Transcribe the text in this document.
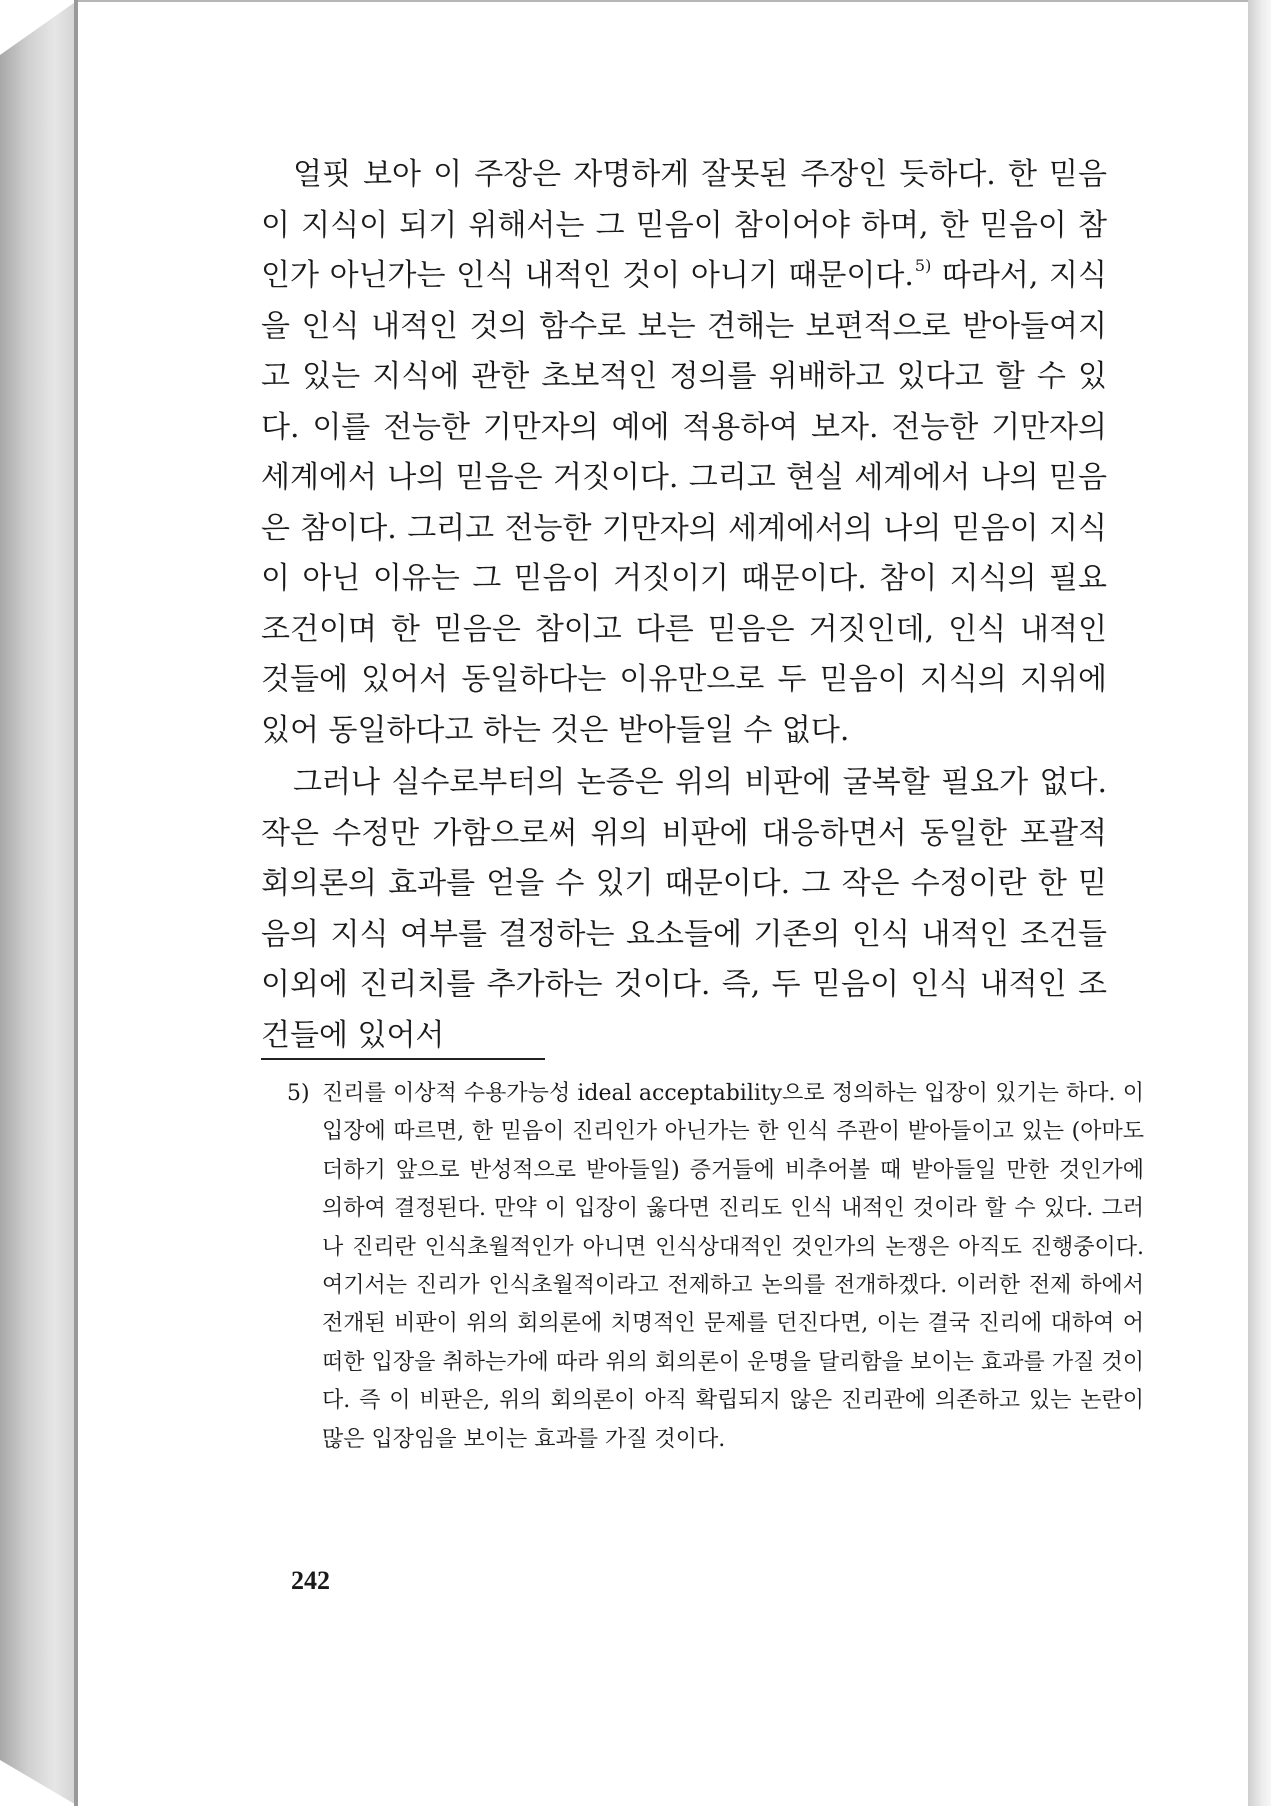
얼핏 보아 이 주장은 자명하게 잘못된 주장인 듯하다. 한 믿음이 지식이 되기 위해서는 그 믿음이 참이어야 하며, 한 믿음이 참인가 아닌가는 인식 내적인 것이 아니기 때문이다.$^{5)}$ 따라서, 지식을 인식 내적인 것의 함수로 보는 견해는 보편적으로 받아들여지고 있는 지식에 관한 초보적인 정의를 위배하고 있다고 할 수 있다. 이를 전능한 기만자의 예에 적용하여 보자. 전능한 기만자의 세계에서 나의 믿음은 거짓이다. 그리고 현실 세계에서 나의 믿음은 참이다. 그리고 전능한 기만자의 세계에서의 나의 믿음이 지식이 아닌 이유는 그 믿음이 거짓이기 때문이다. 참이 지식의 필요조건이며 한 믿음은 참이고 다른 믿음은 거짓인데, 인식 내적인 것들에 있어서 동일하다는 이유만으로 두 믿음이 지식의 지위에 있어 동일하다고 하는 것은 받아들일 수 없다.

그러나 실수로부터의 논증은 위의 비판에 굴복할 필요가 없다. 작은 수정만 가함으로써 위의 비판에 대응하면서 동일한 포괄적 회의론의 효과를 얻을 수 있기 때문이다. 그 작은 수정이란 한 믿음의 지식 여부를 결정하는 요소들에 기존의 인식 내적인 조건들 이외에 진리치를 추가하는 것이다. 즉, 두 믿음이 인식 내적인 조건들에 있어서

5) 진리를 이상적 수용가능성 ideal acceptability으로 정의하는 입장이 있기는 하다. 이 입장에 따르면, 한 믿음이 진리인가 아닌가는 한 인식 주관이 받아들이고 있는 (아마도 더하기 앞으로 반성적으로 받아들일) 증거들에 비추어볼 때 받아들일 만한 것인가에 의하여 결정된다. 만약 이 입장이 옳다면 진리도 인식 내적인 것이라 할 수 있다. 그러나 진리란 인식초월적인가 아니면 인식상대적인 것인가의 논쟁은 아직도 진행중이다. 여기서는 진리가 인식초월적이라고 전제하고 논의를 전개하겠다. 이러한 전제 하에서 전개된 비판이 위의 회의론에 치명적인 문제를 던진다면, 이는 결국 진리에 대하여 어떠한 입장을 취하는가에 따라 위의 회의론이 운명을 달리함을 보이는 효과를 가질 것이다. 즉 이 비판은, 위의 회의론이 아직 확립되지 않은 진리관에 의존하고 있는 논란이 많은 입장임을 보이는 효과를 가질 것이다.

242
